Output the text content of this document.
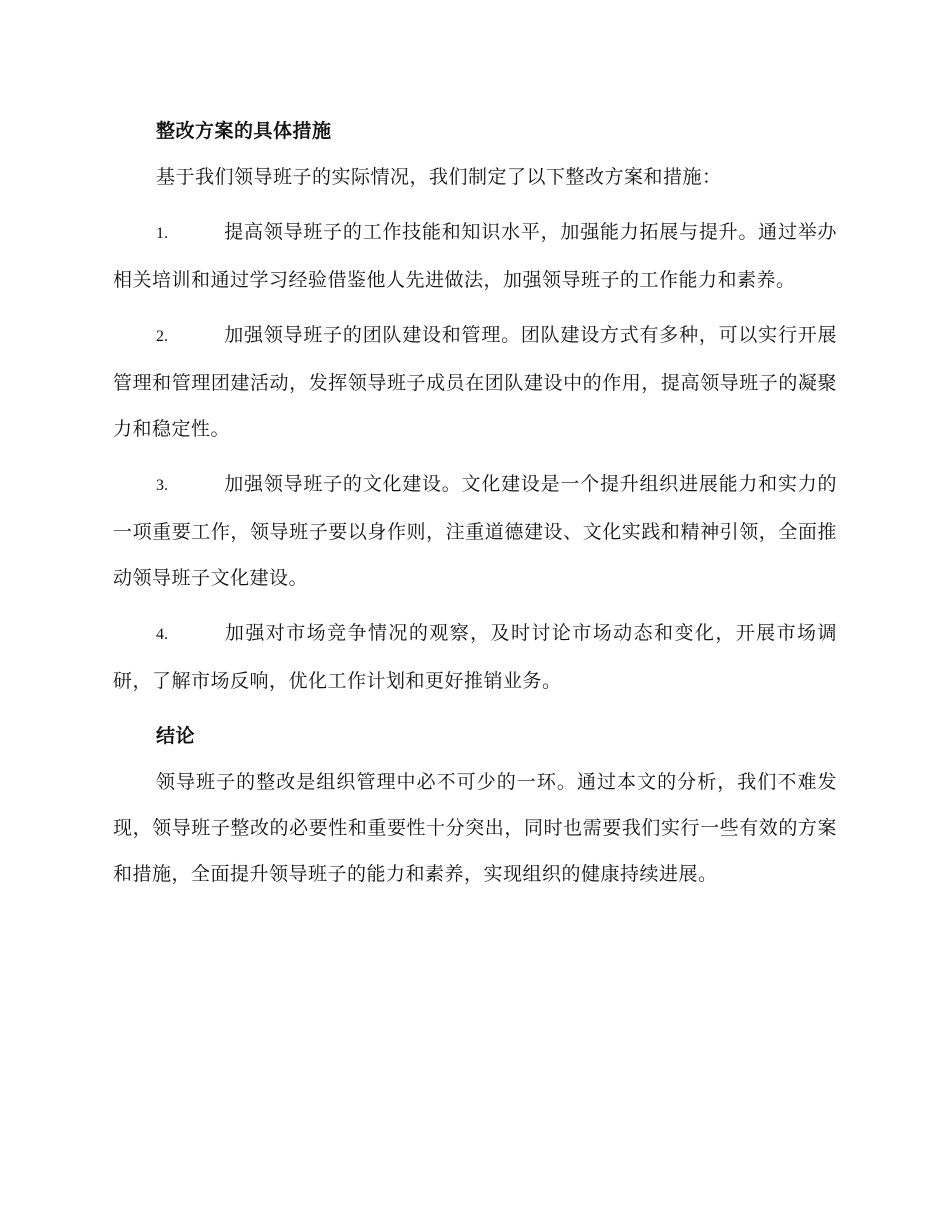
整改方案的具体措施

基于我们领导班子的实际情况，我们制定了以下整改方案和措施：

1.	提高领导班子的工作技能和知识水平，加强能力拓展与提升。通过举办相关培训和通过学习经验借鉴他人先进做法，加强领导班子的工作能力和素养。
2.	加强领导班子的团队建设和管理。团队建设方式有多种，可以实行开展管理和管理团建活动，发挥领导班子成员在团队建设中的作用，提高领导班子的凝聚力和稳定性。
3.	加强领导班子的文化建设。文化建设是一个提升组织进展能力和实力的一项重要工作，领导班子要以身作则，注重道德建设、文化实践和精神引领，全面推动领导班子文化建设。
4.	加强对市场竞争情况的观察，及时讨论市场动态和变化，开展市场调研，了解市场反响，优化工作计划和更好推销业务。
结论

领导班子的整改是组织管理中必不可少的一环。通过本文的分析，我们不难发现，领导班子整改的必要性和重要性十分突出，同时也需要我们实行一些有效的方案和措施，全面提升领导班子的能力和素养，实现组织的健康持续进展。
